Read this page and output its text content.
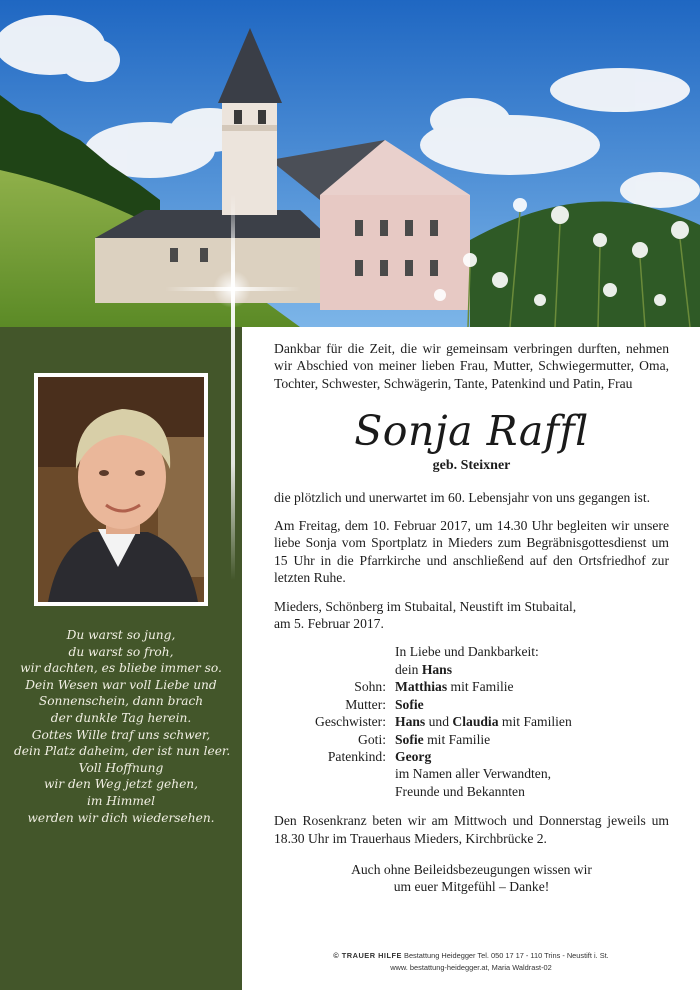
Du warst so jung,
du warst so froh,
wir dachten, es bliebe immer so.
Dein Wesen war voll Liebe und
Sonnenschein, dann brach
der dunkle Tag herein.
Gottes Wille traf uns schwer,
dein Platz daheim, der ist nun leer.
Voll Hoffnung
wir den Weg jetzt gehen,
im Himmel
werden wir dich wiedersehen.

Dankbar für die Zeit, die wir gemeinsam verbringen durften, nehmen wir Abschied von meiner lieben Frau, Mutter, Schwiegermutter, Oma, Tochter, Schwester, Schwägerin, Tante, Patenkind und Patin, Frau

Sonja Raffl
geb. Steixner

die plötzlich und unerwartet im 60. Lebensjahr von uns gegangen ist.

Am Freitag, dem 10. Februar 2017, um 14.30 Uhr begleiten wir unsere liebe Sonja vom Sportplatz in Mieders zum Begräbnisgottesdienst um 15 Uhr in die Pfarrkirche und anschließend auf den Ortsfriedhof zur letzten Ruhe.

Mieders, Schönberg im Stubaital, Neustift im Stubaital,
am 5. Februar 2017.

In Liebe und Dankbarkeit:
dein Hans
Sohn: Matthias mit Familie
Mutter: Sofie
Geschwister: Hans und Claudia mit Familien
Goti: Sofie mit Familie
Patenkind: Georg
im Namen aller Verwandten,
Freunde und Bekannten

Den Rosenkranz beten wir am Mittwoch und Donnerstag jeweils um 18.30 Uhr im Trauerhaus Mieders, Kirchbrücke 2.

Auch ohne Beileidsbezeugungen wissen wir
um euer Mitgefühl – Danke!

© TRAUER HILFE Bestattung Heidegger Tel. 050 17 17 - 110 Trins - Neustift i. St.
www. bestattung-heidegger.at, Maria Waldrast-02
